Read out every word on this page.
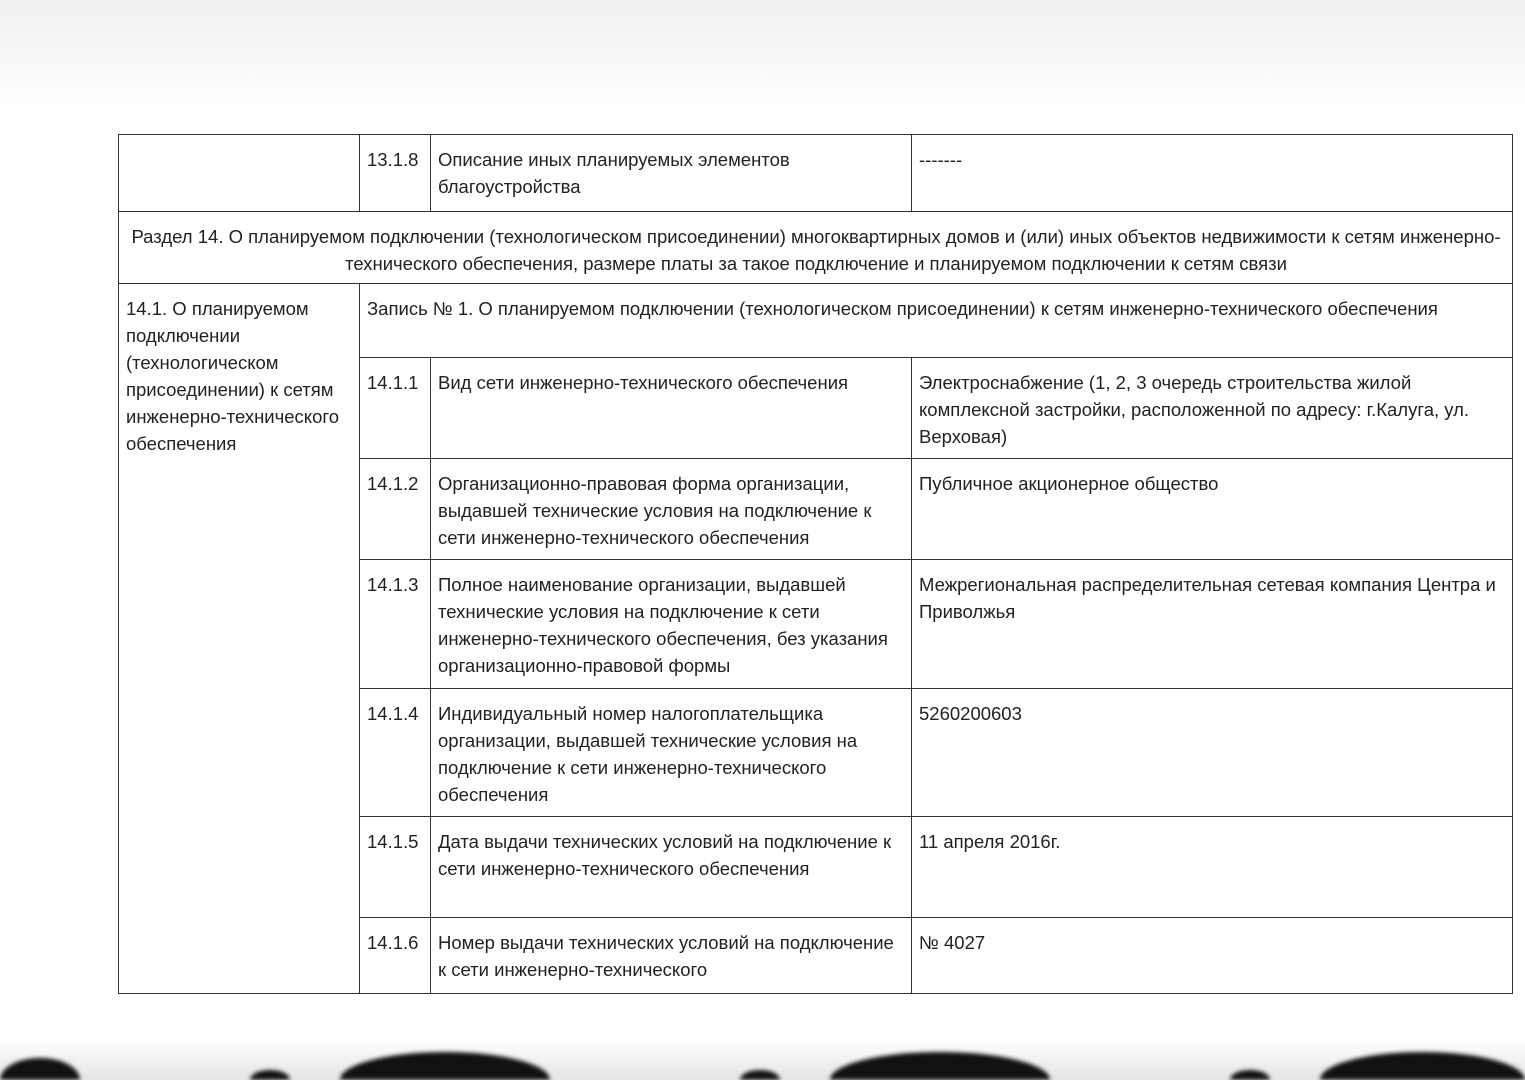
	13.1.8	Описание иных планируемых элементов благоустройства	-------
Раздел 14. О планируемом подключении (технологическом присоединении) многоквартирных домов и (или) иных объектов недвижимости к сетям инженерно-технического обеспечения, размере платы за такое подключение и планируемом подключении к сетям связи			
14.1. О планируемом подключении (технологическом присоединении) к сетям инженерно-технического обеспечения	Запись № 1. О планируемом подключении (технологическом присоединении) к сетям инженерно-технического обеспечения		
	14.1.1	Вид сети инженерно-технического обеспечения	Электроснабжение (1, 2, 3 очередь строительства жилой комплексной застройки, расположенной по адресу: г.Калуга, ул. Верховая)
	14.1.2	Организационно-правовая форма организации, выдавшей технические условия на подключение к сети инженерно-технического обеспечения	Публичное акционерное общество
	14.1.3	Полное наименование организации, выдавшей технические условия на подключение к сети инженерно-технического обеспечения, без указания организационно-правовой формы	Межрегиональная распределительная сетевая компания Центра и Приволжья
	14.1.4	Индивидуальный номер налогоплательщика организации, выдавшей технические условия на подключение к сети инженерно-технического обеспечения	5260200603
	14.1.5	Дата выдачи технических условий на подключение к сети инженерно-технического обеспечения	11 апреля 2016г.
	14.1.6	Номер выдачи технических условий на подключение к сети инженерно-технического	№ 4027
